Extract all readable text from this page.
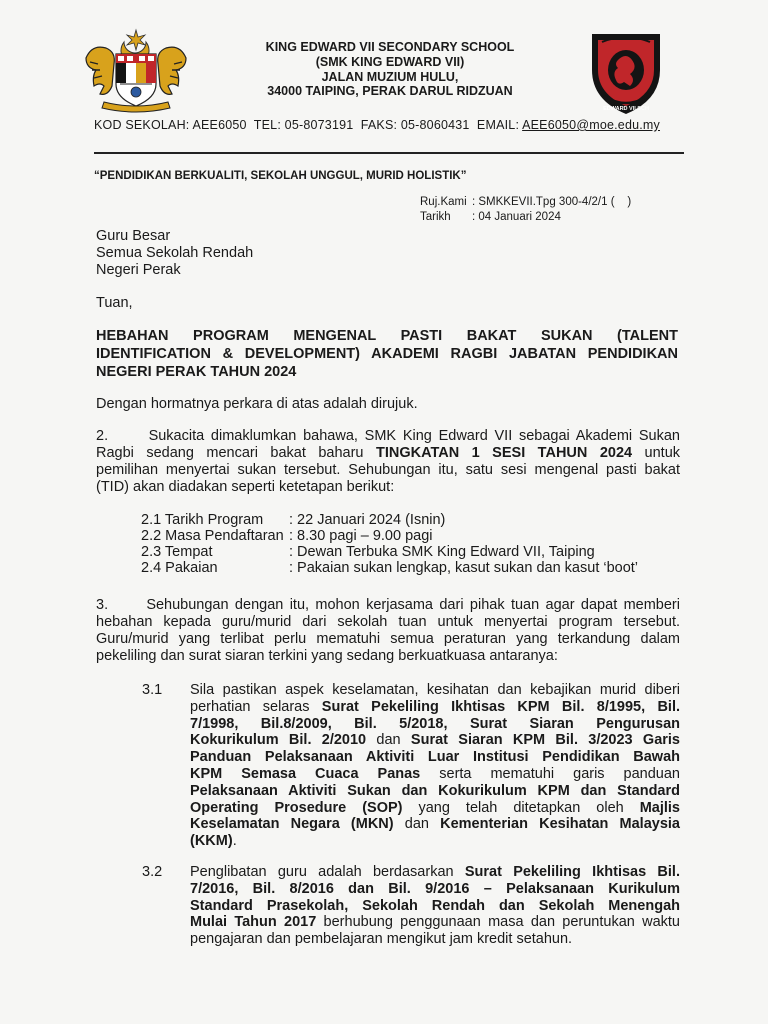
EDWARD VII SCH
KING EDWARD VII SECONDARY SCHOOL
(SMK KING EDWARD VII)
JALAN MUZIUM HULU,
34000 TAIPING, PERAK DARUL RIDZUAN
KOD SEKOLAH: AEE6050  TEL: 05-8073191  FAKS: 05-8060431  EMAIL: AEE6050@moe.edu.my
“PENDIDIKAN BERKUALITI, SEKOLAH UNGGUL, MURID HOLISTIK”
Ruj.Kami : SMKKEVII.Tpg 300-4/2/1 (    )
Tarikh : 04 Januari 2024
Guru Besar
Semua Sekolah Rendah
Negeri Perak
Tuan,
HEBAHAN PROGRAM MENGENAL PASTI BAKAT SUKAN (TALENT
IDENTIFICATION & DEVELOPMENT) AKADEMI RAGBI JABATAN PENDIDIKAN
NEGERI PERAK TAHUN 2024
Dengan hormatnya perkara di atas adalah dirujuk.
2.      Sukacita dimaklumkan bahawa, SMK King Edward VII sebagai Akademi Sukan
Ragbi sedang mencari bakat baharu TINGKATAN 1 SESI TAHUN 2024 untuk
pemilihan menyertai sukan tersebut. Sehubungan itu, satu sesi mengenal pasti bakat
(TID) akan diadakan seperti ketetapan berikut:
2.1 Tarikh Program	: 22 Januari 2024 (Isnin)
2.2 Masa Pendaftaran : 8.30 pagi – 9.00 pagi
2.3 Tempat	: Dewan Terbuka SMK King Edward VII, Taiping
2.4 Pakaian	: Pakaian sukan lengkap, kasut sukan dan kasut ‘boot’
3.      Sehubungan dengan itu, mohon kerjasama dari pihak tuan agar dapat memberi
hebahan kepada guru/murid dari sekolah tuan untuk menyertai program tersebut.
Guru/murid yang terlibat perlu mematuhi semua peraturan yang terkandung dalam
pekeliling dan surat siaran terkini yang sedang berkuatkuasa antaranya:
3.1 Sila pastikan aspek keselamatan, kesihatan dan kebajikan murid diberi
perhatian selaras Surat Pekeliling Ikhtisas KPM Bil. 8/1995, Bil.
7/1998, Bil.8/2009, Bil. 5/2018, Surat Siaran Pengurusan
Kokurikulum Bil. 2/2010 dan Surat Siaran KPM Bil. 3/2023 Garis
Panduan Pelaksanaan Aktiviti Luar Institusi Pendidikan Bawah
KPM Semasa Cuaca Panas serta mematuhi garis panduan
Pelaksanaan Aktiviti Sukan dan Kokurikulum KPM dan Standard
Operating Prosedure (SOP) yang telah ditetapkan oleh Majlis
Keselamatan Negara (MKN) dan Kementerian Kesihatan Malaysia
(KKM).
3.2 Penglibatan guru adalah berdasarkan Surat Pekeliling Ikhtisas Bil.
7/2016, Bil. 8/2016 dan Bil. 9/2016 – Pelaksanaan Kurikulum
Standard Prasekolah, Sekolah Rendah dan Sekolah Menengah
Mulai Tahun 2017 berhubung penggunaan masa dan peruntukan waktu
pengajaran dan pembelajaran mengikut jam kredit setahun.
